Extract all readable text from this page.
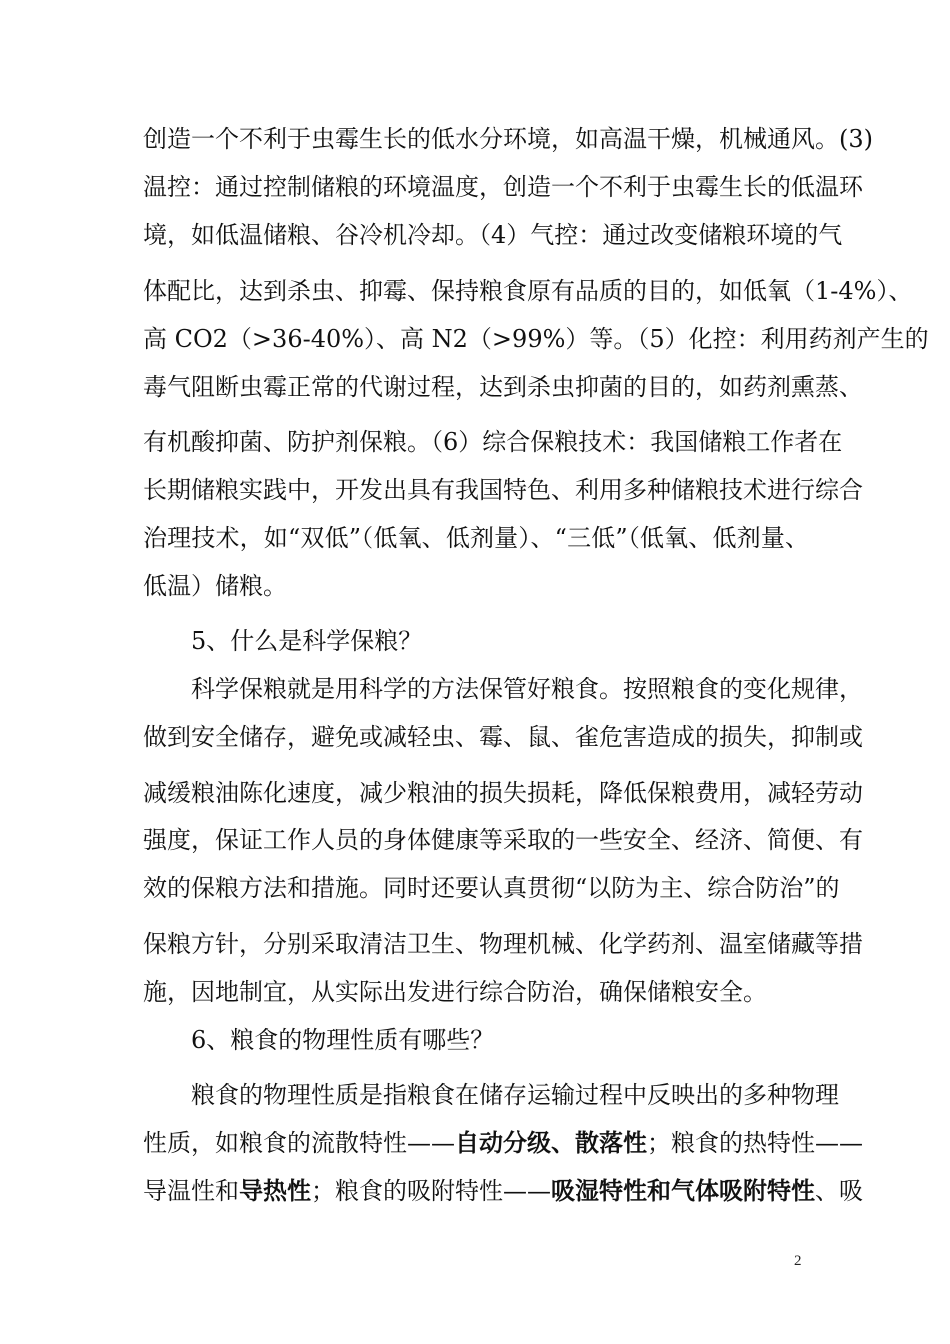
创造一个不利于虫霉生长的低水分环境，如高温干燥，机械通风。(3)
温控：通过控制储粮的环境温度，创造一个不利于虫霉生长的低温环
境，如低温储粮、谷冷机冷却。（4）气控：通过改变储粮环境的气
体配比，达到杀虫、抑霉、保持粮食原有品质的目的，如低氧（1-4%）、
高 CO2（>36-40%）、高 N2（>99%）等。（5）化控：利用药剂产生的
毒气阻断虫霉正常的代谢过程，达到杀虫抑菌的目的，如药剂熏蒸、
有机酸抑菌、防护剂保粮。（6）综合保粮技术：我国储粮工作者在
长期储粮实践中，开发出具有我国特色、利用多种储粮技术进行综合
治理技术，如“双低”（低氧、低剂量）、“三低”（低氧、低剂量、
低温）储粮。
5、什么是科学保粮？
科学保粮就是用科学的方法保管好粮食。按照粮食的变化规律，
做到安全储存，避免或减轻虫、霉、鼠、雀危害造成的损失，抑制或
减缓粮油陈化速度，减少粮油的损失损耗，降低保粮费用，减轻劳动
强度，保证工作人员的身体健康等采取的一些安全、经济、简便、有
效的保粮方法和措施。同时还要认真贯彻“以防为主、综合防治”的
保粮方针，分别采取清洁卫生、物理机械、化学药剂、温室储藏等措
施，因地制宜，从实际出发进行综合防治，确保储粮安全。
6、粮食的物理性质有哪些？
粮食的物理性质是指粮食在储存运输过程中反映出的多种物理
性质，如粮食的流散特性——自动分级、散落性；粮食的热特性——
导温性和导热性；粮食的吸附特性——吸湿特性和气体吸附特性、吸
2
